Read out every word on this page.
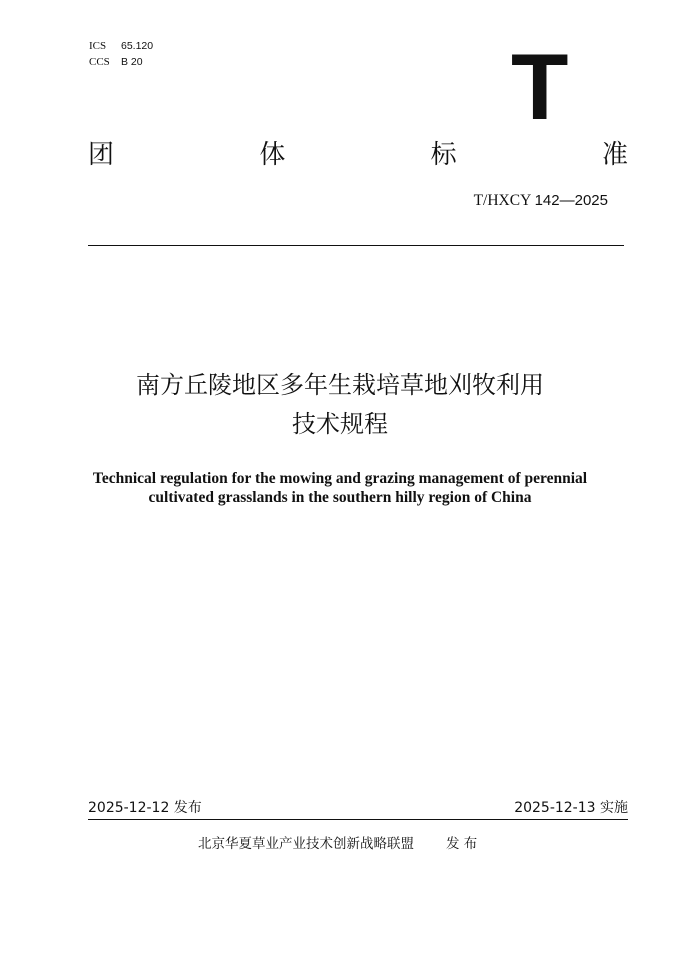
ICS 65.120
CCS B 20	T
团	体	标	准
T/HXCY 142—2025
南方丘陵地区多年生栽培草地刈牧利用
技术规程
Technical regulation for the mowing and grazing management of perennial
cultivated grasslands in the southern hilly region of China
2025-12-12 发布	2025-12-13 实施
北京华夏草业产业技术创新战略联盟 发 布
